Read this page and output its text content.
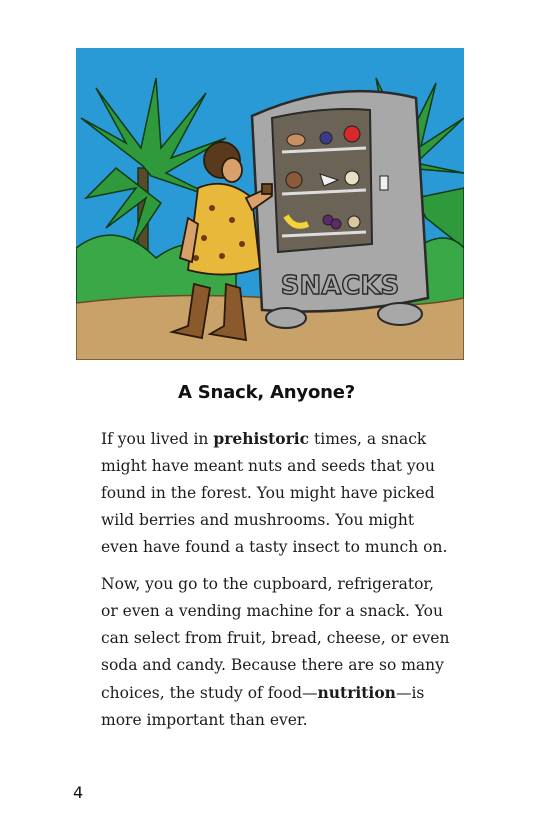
SNACKS
A Snack, Anyone?

If you lived in prehistoric times, a snack
might have meant nuts and seeds that you
found in the forest. You might have picked
wild berries and mushrooms. You might
even have found a tasty insect to munch on.

Now, you go to the cupboard, refrigerator,
or even a vending machine for a snack. You
can select from fruit, bread, cheese, or even
soda and candy. Because there are so many
choices, the study of food—nutrition—is
more important than ever.

4
